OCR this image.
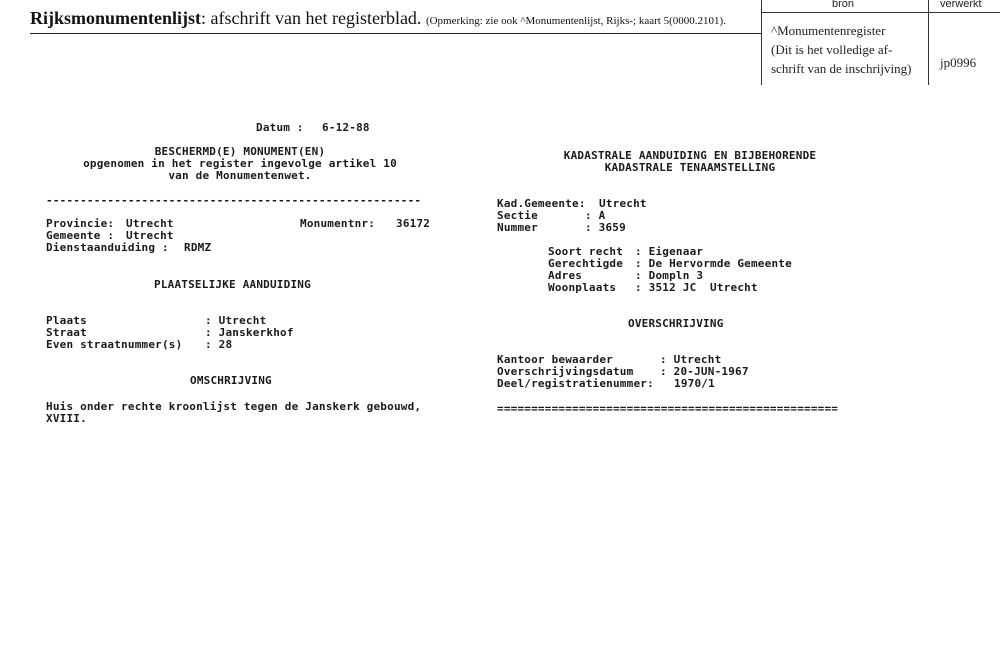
Rijksmonumentenlijst: afschrift van het registerblad. (Opmerking: zie ook ^Monumentenlijst, Rijks-; kaart 5(0000.2101).
bron	verwerkt
^Monumentenregister
(Dit is het volledige af-
schrift van de inschrijving) jp0996
Datum : 6-12-88
BESCHERMD(E) MONUMENT(EN)
opgenomen in het register ingevolge artikel 10
van de Monumentenwet.
-------------------------------------------------------
Provincie: Utrecht	Monumentnr: 36172
Gemeente : Utrecht
Dienstaanduiding : RDMZ
PLAATSELIJKE AANDUIDING
Plaats	: Utrecht
Straat	: Janskerkhof
Even straatnummer(s) : 28
OMSCHRIJVING
Huis onder rechte kroonlijst tegen de Janskerk gebouwd,
XVIII.
KADASTRALE AANDUIDING EN BIJBEHORENDE
KADASTRALE TENAAMSTELLING
Kad.Gemeente: Utrecht
Sectie	: A
Nummer	: 3659
Soort recht : Eigenaar
Gerechtigde : De Hervormde Gemeente
Adres	: Dompln 3
Woonplaats : 3512 JC  Utrecht
OVERSCHRIJVING
Kantoor bewaarder	: Utrecht
Overschrijvingsdatum : 20-JUN-1967
Deel/registratienummer: 1970/1
==================================================
